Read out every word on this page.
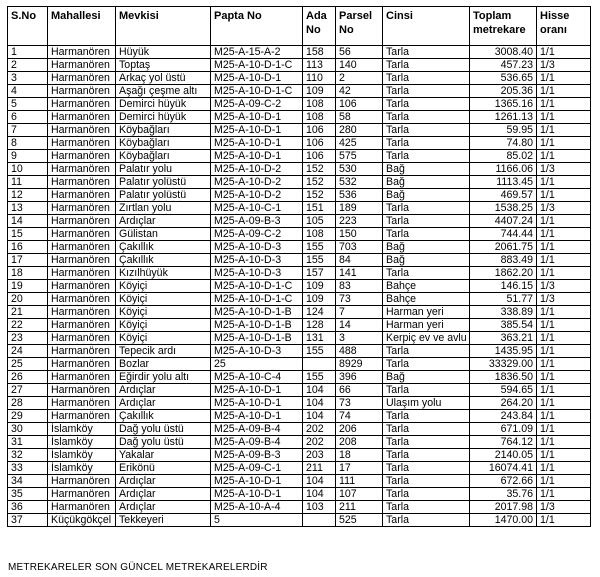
S.No	Mahallesi	Mevkisi	Papta No	Ada No	Parsel No	Cinsi	Toplam metrekare	Hisse oranı
1	Harmanören	Hüyük	M25-A-15-A-2	158	56	Tarla	3008.40	1/1
2	Harmanören	Toptaş	M25-A-10-D-1-C	113	140	Tarla	457.23	1/3
3	Harmanören	Arkaç yol üstü	M25-A-10-D-1	110	2	Tarla	536.65	1/1
4	Harmanören	Aşağı çeşme altı	M25-A-10-D-1-C	109	42	Tarla	205.36	1/1
5	Harmanören	Demirci hüyük	M25-A-09-C-2	108	106	Tarla	1365.16	1/1
6	Harmanören	Demirci hüyük	M25-A-10-D-1	108	58	Tarla	1261.13	1/1
7	Harmanören	Köybağları	M25-A-10-D-1	106	280	Tarla	59.95	1/1
8	Harmanören	Köybağları	M25-A-10-D-1	106	425	Tarla	74.80	1/1
9	Harmanören	Köybağları	M25-A-10-D-1	106	575	Tarla	85.02	1/1
10	Harmanören	Palatır yolu	M25-A-10-D-2	152	530	Bağ	1166.06	1/3
11	Harmanören	Palatır yolüstü	M25-A-10-D-2	152	532	Bağ	1113.45	1/1
12	Harmanören	Palatır yolüstü	M25-A-10-D-2	152	536	Bağ	469.57	1/1
13	Harmanören	Zırtlan yolu	M25-A-10-C-1	151	189	Tarla	1538.25	1/3
14	Harmanören	Ardıçlar	M25-A-09-B-3	105	223	Tarla	4407.24	1/1
15	Harmanören	Gülistan	M25-A-09-C-2	108	150	Tarla	744.44	1/1
16	Harmanören	Çakıllık	M25-A-10-D-3	155	703	Bağ	2061.75	1/1
17	Harmanören	Çakıllık	M25-A-10-D-3	155	84	Bağ	883.49	1/1
18	Harmanören	Kızılhüyük	M25-A-10-D-3	157	141	Tarla	1862.20	1/1
19	Harmanören	Köyiçi	M25-A-10-D-1-C	109	83	Bahçe	146.15	1/3
20	Harmanören	Köyiçi	M25-A-10-D-1-C	109	73	Bahçe	51.77	1/3
21	Harmanören	Köyiçi	M25-A-10-D-1-B	124	7	Harman yeri	338.89	1/1
22	Harmanören	Köyiçi	M25-A-10-D-1-B	128	14	Harman yeri	385.54	1/1
23	Harmanören	Köyiçi	M25-A-10-D-1-B	131	3	Kerpiç ev ve avlu	363.21	1/1
24	Harmanören	Tepecik ardı	M25-A-10-D-3	155	488	Tarla	1435.95	1/1
25	Harmanören	Bozlar	25		8929	Tarla	33329.00	1/1
26	Harmanören	Eğirdir yolu altı	M25-A-10-C-4	155	396	Bağ	1836.50	1/1
27	Harmanören	Ardıçlar	M25-A-10-D-1	104	66	Tarla	594.65	1/1
28	Harmanören	Ardıçlar	M25-A-10-D-1	104	73	Ulaşım yolu	264.20	1/1
29	Harmanören	Çakıllık	M25-A-10-D-1	104	74	Tarla	243.84	1/1
30	İslamköy	Dağ yolu üstü	M25-A-09-B-4	202	206	Tarla	671.09	1/1
31	İslamköy	Dağ yolu üstü	M25-A-09-B-4	202	208	Tarla	764.12	1/1
32	İslamköy	Yakalar	M25-A-09-B-3	203	18	Tarla	2140.05	1/1
33	İslamköy	Erikönü	M25-A-09-C-1	211	17	Tarla	16074.41	1/1
34	Harmanören	Ardıçlar	M25-A-10-D-1	104	111	Tarla	672.66	1/1
35	Harmanören	Ardıçlar	M25-A-10-D-1	104	107	Tarla	35.76	1/1
36	Harmanören	Ardıçlar	M25-A-10-A-4	103	211	Tarla	2017.98	1/3
37	Küçükgökçel	Tekkeyeri	5		525	Tarla	1470.00	1/1
METREKARELER SON GÜNCEL METREKARELERDİR
